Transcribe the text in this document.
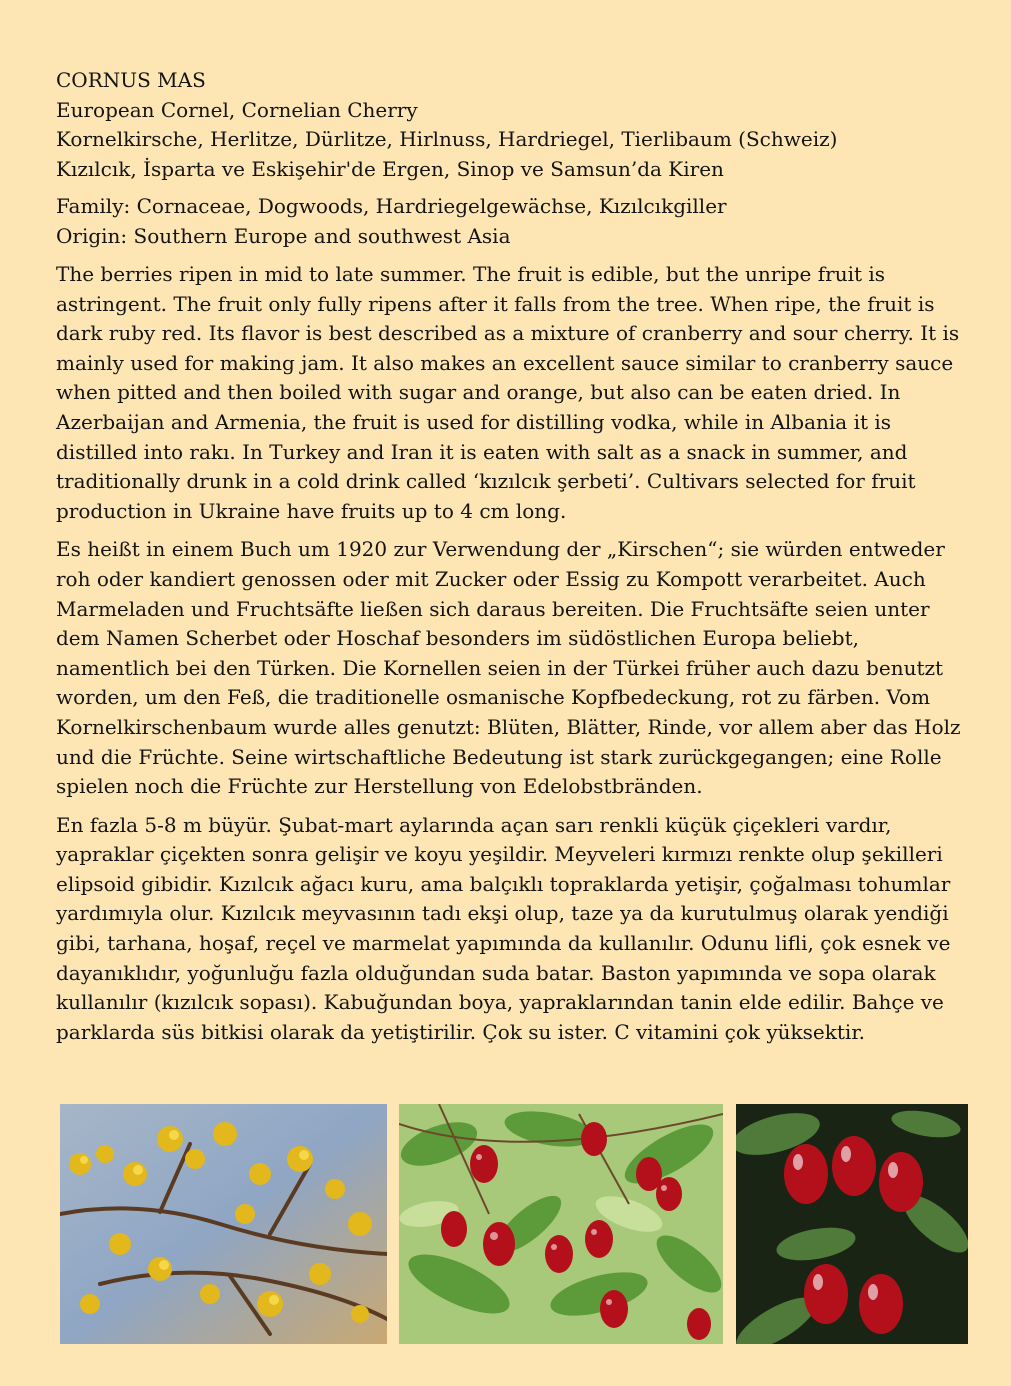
CORNUS MAS
European Cornel, Cornelian Cherry
Kornelkirsche, Herlitze, Dürlitze, Hirlnuss, Hardriegel, Tierlibaum (Schweiz)
Kızılcık, İsparta ve Eskişehir'de Ergen, Sinop ve Samsun’da Kiren
Family: Cornaceae, Dogwoods, Hardriegelgewächse, Kızılcıkgiller
Origin: Southern Europe and southwest Asia

The berries ripen in mid to late summer. The fruit is edible, but the unripe fruit is
astringent. The fruit only fully ripens after it falls from the tree. When ripe, the fruit is
dark ruby red. Its flavor is best described as a mixture of cranberry and sour cherry. It is
mainly used for making jam. It also makes an excellent sauce similar to cranberry sauce
when pitted and then boiled with sugar and orange, but also can be eaten dried. In
Azerbaijan and Armenia, the fruit is used for distilling vodka, while in Albania it is
distilled into rakı. In Turkey and Iran it is eaten with salt as a snack in summer, and
traditionally drunk in a cold drink called ‘kızılcık şerbeti’. Cultivars selected for fruit
production in Ukraine have fruits up to 4 cm long.

Es heißt in einem Buch um 1920 zur Verwendung der „Kirschen“; sie würden entweder
roh oder kandiert genossen oder mit Zucker oder Essig zu Kompott verarbeitet. Auch
Marmeladen und Fruchtsäfte ließen sich daraus bereiten. Die Fruchtsäfte seien unter
dem Namen Scherbet oder Hoschaf besonders im südöstlichen Europa beliebt,
namentlich bei den Türken. Die Kornellen seien in der Türkei früher auch dazu benutzt
worden, um den Feß, die traditionelle osmanische Kopfbedeckung, rot zu färben. Vom
Kornelkirschenbaum wurde alles genutzt: Blüten, Blätter, Rinde, vor allem aber das Holz
und die Früchte. Seine wirtschaftliche Bedeutung ist stark zurückgegangen; eine Rolle
spielen noch die Früchte zur Herstellung von Edelobstbränden.

En fazla 5-8 m büyür. Şubat-mart aylarında açan sarı renkli küçük çiçekleri vardır,
yapraklar çiçekten sonra gelişir ve koyu yeşildir. Meyveleri kırmızı renkte olup şekilleri
elipsoid gibidir. Kızılcık ağacı kuru, ama balçıklı topraklarda yetişir, çoğalması tohumlar
yardımıyla olur. Kızılcık meyvasının tadı ekşi olup, taze ya da kurutulmuş olarak yendiği
gibi, tarhana, hoşaf, reçel ve marmelat yapımında da kullanılır. Odunu lifli, çok esnek ve
dayanıklıdır, yoğunluğu fazla olduğundan suda batar. Baston yapımında ve sopa olarak
kullanılır (kızılcık sopası). Kabuğundan boya, yapraklarından tanin elde edilir. Bahçe ve
parklarda süs bitkisi olarak da yetiştirilir. Çok su ister. C vitamini çok yüksektir.
